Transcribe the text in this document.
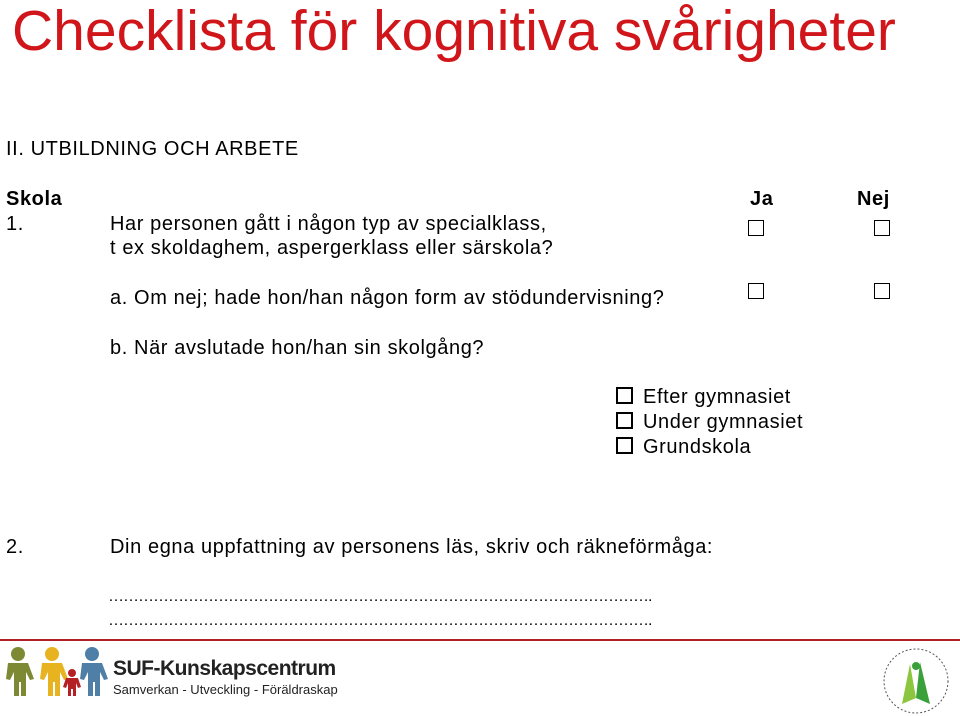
Checklista för kognitiva svårigheter
II. UTBILDNING OCH ARBETE
Skola	Ja	Nej
1.	Har personen gått i någon typ av specialklass,
t ex skoldaghem, aspergerklass eller särskola?
a. Om nej; hade hon/han någon form av stödundervisning?
b. När avslutade hon/han sin skolgång?
Efter gymnasiet
Under gymnasiet
Grundskola
2.	Din egna uppfattning av personens läs, skriv och räkneförmåga:
……………………………………………………………………………………………….
……………………………………………………………………………………………….
SUF-Kunskapscentrum
Samverkan - Utveckling - Föräldraskap
